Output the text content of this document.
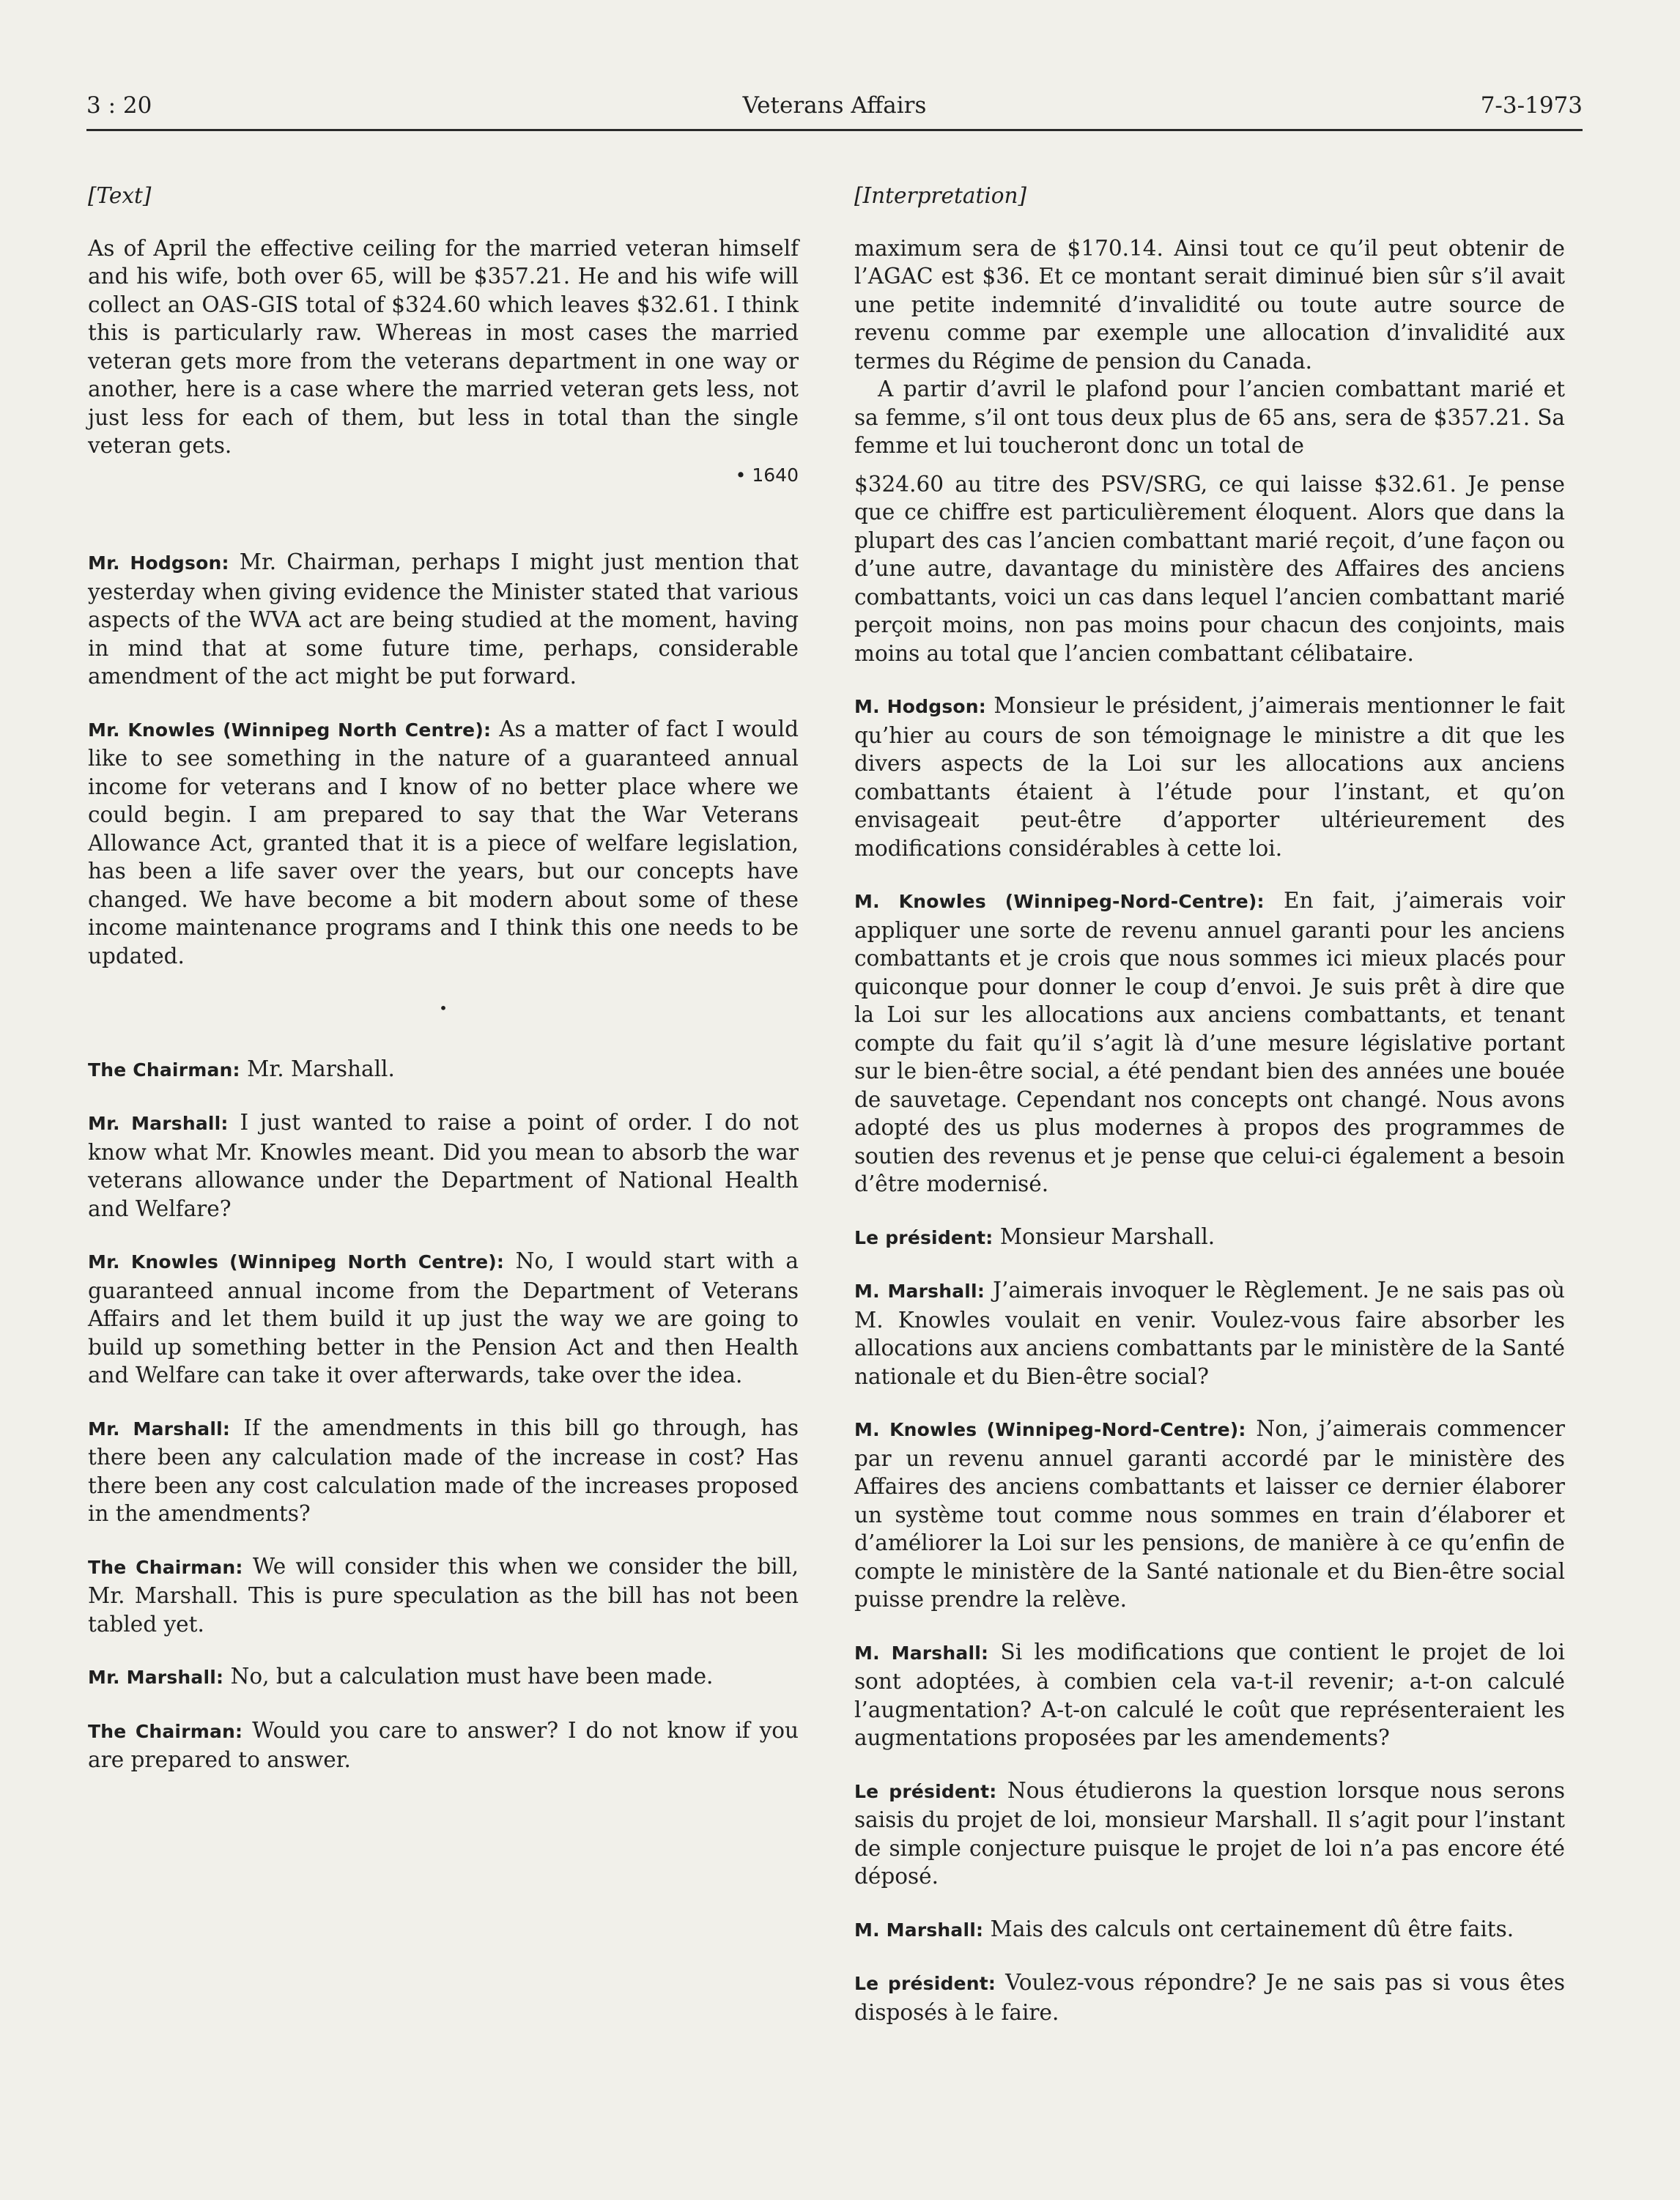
3 : 20	Veterans Affairs	7-3-1973

[Text]

As of April the effective ceiling for the married veteran himself and his wife, both over 65, will be $357.21. He and his wife will collect an OAS-GIS total of $324.60 which leaves $32.61. I think this is particularly raw. Whereas in most cases the married veteran gets more from the veterans department in one way or another, here is a case where the married veteran gets less, not just less for each of them, but less in total than the single veteran gets.

• 1640

Mr. Hodgson: Mr. Chairman, perhaps I might just mention that yesterday when giving evidence the Minister stated that various aspects of the WVA act are being studied at the moment, having in mind that at some future time, perhaps, considerable amendment of the act might be put forward.

Mr. Knowles (Winnipeg North Centre): As a matter of fact I would like to see something in the nature of a guaranteed annual income for veterans and I know of no better place where we could begin. I am prepared to say that the War Veterans Allowance Act, granted that it is a piece of welfare legislation, has been a life saver over the years, but our concepts have changed. We have become a bit modern about some of these income maintenance programs and I think this one needs to be updated.

•

The Chairman: Mr. Marshall.

Mr. Marshall: I just wanted to raise a point of order. I do not know what Mr. Knowles meant. Did you mean to absorb the war veterans allowance under the Department of National Health and Welfare?

Mr. Knowles (Winnipeg North Centre): No, I would start with a guaranteed annual income from the Department of Veterans Affairs and let them build it up just the way we are going to build up something better in the Pension Act and then Health and Welfare can take it over afterwards, take over the idea.

Mr. Marshall: If the amendments in this bill go through, has there been any calculation made of the increase in cost? Has there been any cost calculation made of the increases proposed in the amendments?

The Chairman: We will consider this when we consider the bill, Mr. Marshall. This is pure speculation as the bill has not been tabled yet.

Mr. Marshall: No, but a calculation must have been made.

The Chairman: Would you care to answer? I do not know if you are prepared to answer.

[Interpretation]

maximum sera de $170.14. Ainsi tout ce qu’il peut obtenir de l’AGAC est $36. Et ce montant serait diminué bien sûr s’il avait une petite indemnité d’invalidité ou toute autre source de revenu comme par exemple une allocation d’invalidité aux termes du Régime de pension du Canada.

A partir d’avril le plafond pour l’ancien combattant marié et sa femme, s’il ont tous deux plus de 65 ans, sera de $357.21. Sa femme et lui toucheront donc un total de

$324.60 au titre des PSV/SRG, ce qui laisse $32.61. Je pense que ce chiffre est particulièrement éloquent. Alors que dans la plupart des cas l’ancien combattant marié reçoit, d’une façon ou d’une autre, davantage du ministère des Affaires des anciens combattants, voici un cas dans lequel l’ancien combattant marié perçoit moins, non pas moins pour chacun des conjoints, mais moins au total que l’ancien combattant célibataire.

M. Hodgson: Monsieur le président, j’aimerais mentionner le fait qu’hier au cours de son témoignage le ministre a dit que les divers aspects de la Loi sur les allocations aux anciens combattants étaient à l’étude pour l’instant, et qu’on envisageait peut-être d’apporter ultérieurement des modifications considérables à cette loi.

M. Knowles (Winnipeg-Nord-Centre): En fait, j’aimerais voir appliquer une sorte de revenu annuel garanti pour les anciens combattants et je crois que nous sommes ici mieux placés pour quiconque pour donner le coup d’envoi. Je suis prêt à dire que la Loi sur les allocations aux anciens combattants, et tenant compte du fait qu’il s’agit là d’une mesure législative portant sur le bien-être social, a été pendant bien des années une bouée de sauvetage. Cependant nos concepts ont changé. Nous avons adopté des us plus modernes à propos des programmes de soutien des revenus et je pense que celui-ci également a besoin d’être modernisé.

Le président: Monsieur Marshall.

M. Marshall: J’aimerais invoquer le Règlement. Je ne sais pas où M. Knowles voulait en venir. Voulez-vous faire absorber les allocations aux anciens combattants par le ministère de la Santé nationale et du Bien-être social?

M. Knowles (Winnipeg-Nord-Centre): Non, j’aimerais commencer par un revenu annuel garanti accordé par le ministère des Affaires des anciens combattants et laisser ce dernier élaborer un système tout comme nous sommes en train d’élaborer et d’améliorer la Loi sur les pensions, de manière à ce qu’enfin de compte le ministère de la Santé nationale et du Bien-être social puisse prendre la relève.

M. Marshall: Si les modifications que contient le projet de loi sont adoptées, à combien cela va-t-il revenir; a-t-on calculé l’augmentation? A-t-on calculé le coût que représenteraient les augmentations proposées par les amendements?

Le président: Nous étudierons la question lorsque nous serons saisis du projet de loi, monsieur Marshall. Il s’agit pour l’instant de simple conjecture puisque le projet de loi n’a pas encore été déposé.

M. Marshall: Mais des calculs ont certainement dû être faits.

Le président: Voulez-vous répondre? Je ne sais pas si vous êtes disposés à le faire.
